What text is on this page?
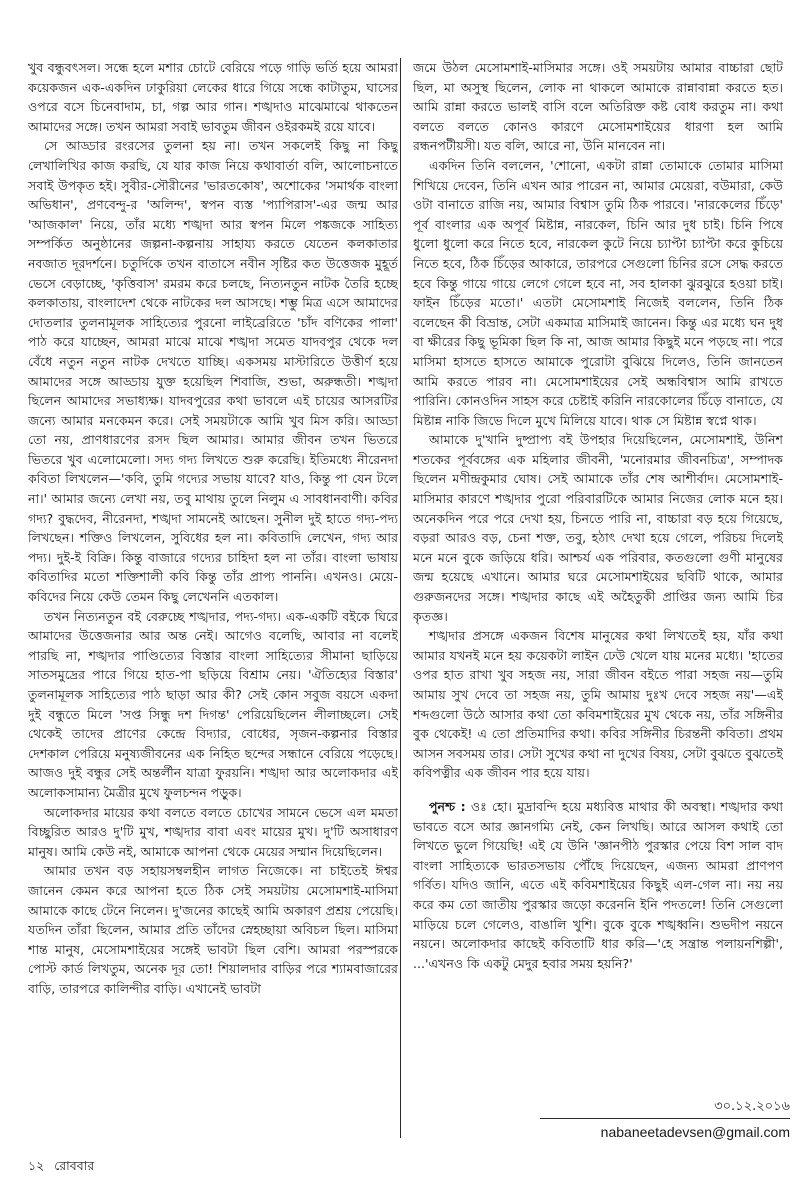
খুব বন্ধুবৎসল। সন্ধে হলে মশার চোটে বেরিয়ে পড়ে গাড়ি ভর্তি হয়ে আমরা কয়েকজন এক-একদিন ঢাকুরিয়া লেকের ধারে গিয়ে সন্ধে কাটাতুম, ঘাসের ওপরে বসে চিনেবাদাম, চা, গল্প আর গান। শঙ্খদাও মাঝেমাঝে থাকতেন আমাদের সঙ্গে। তখন আমরা সবাই ভাবতুম জীবন ওইরকমই রয়ে যাবে।

সে আড্ডার রংরসের তুলনা হয় না। তখন সকলেই কিছু না কিছু লেখালিখির কাজ করছি, যে যার কাজ নিয়ে কথাবার্তা বলি, আলোচনাতে সবাই উপকৃত হই। সুবীর-সৌরীনের 'ভারতকোষ', অশোকের 'সমার্থক বাংলা অভিধান', প্রণবেন্দু-র 'অলিন্দ', স্বপন ব্যস্ত 'প্যাপিরাস'-এর জন্ম আর 'আজকাল' নিয়ে, তাঁর মধ্যে শঙ্খদা আর স্বপন মিলে পঙ্কজকে সাহিত্য সম্পর্কিত অনুষ্ঠানের জল্পনা-কল্পনায় সাহায্য করতে যেতেন কলকাতার নবজাত দূরদর্শনে। চতুর্দিকে তখন বাতাসে নবীন সৃষ্টির কত উত্তেজক মুহূর্ত ভেসে বেড়াচ্ছে, 'কৃত্তিবাস' রমরম করে চলছে, নিত্যনতুন নাটক তৈরি হচ্ছে কলকাতায়, বাংলাদেশ থেকে নাটকের দল আসছে। শম্ভু মিত্র এসে আমাদের দোতলার তুলনামূলক সাহিত্যের পুরনো লাইব্রেরিতে 'চাঁদ বণিকের পালা' পাঠ করে যাচ্ছেন, আমরা মাঝে মাঝে শঙ্খদা সমেত যাদবপুর থেকে দল বেঁধে নতুন নতুন নাটক দেখতে যাচ্ছি। একসময় মাস্টারিতে উত্তীর্ণ হয়ে আমাদের সঙ্গে আড্ডায় যুক্ত হয়েছিল শিবাজি, শুভা, অরুন্ধতী। শঙ্খদা ছিলেন আমাদের সভাধ্যক্ষ। যাদবপুরের কথা ভাবলে এই চায়ের আসরটির জন্যে আমার মনকেমন করে। সেই সময়টাকে আমি খুব মিস করি। আড্ডা তো নয়, প্রাণধারণের রসদ ছিল আমার। আমার জীবন তখন ভিতরে ভিতরে খুব এলোমেলো। সদ্য গদ্য লিখতে শুরু করেছি। ইতিমধ্যে নীরেনদা কবিতা লিখলেন—'কবি, তুমি গদ্যের সভায় যাবে? যাও, কিন্তু পা যেন টলে না।' আমার জন্যে লেখা নয়, তবু মাথায় তুলে নিলুম এ সাবধানবাণী। কবির গদ্য? বুদ্ধদেব, নীরেনদা, শঙ্খদা সামনেই আছেন। সুনীল দুই হাতে গদ্য-পদ্য লিখছেন। শক্তিও লিখলেন, সুবিধের হল না। কবিতাদি লেখেন, গদ্য আর পদ্য। দুই-ই বিক্রি। কিন্তু বাজারে গদ্যের চাহিদা হল না তাঁর। বাংলা ভাষায় কবিতাদির মতো শক্তিশালী কবি কিন্তু তাঁর প্রাপ্য পাননি। এখনও। মেয়ে-কবিদের নিয়ে কেউ তেমন কিছু লেখেননি এতকাল।

তখন নিত্যনতুন বই বেরুচ্ছে শঙ্খদার, পদ্য-গদ্য। এক-একটি বইকে ঘিরে আমাদের উত্তেজনার আর অন্ত নেই। আগেও বলেছি, আবার না বলেই পারছি না, শঙ্খদার পাণ্ডিত্যের বিস্তার বাংলা সাহিত্যের সীমানা ছাড়িয়ে সাতসমুদ্রের পারে গিয়ে হাত-পা ছড়িয়ে বিশ্রাম নেয়। 'ঐতিহ্যের বিস্তার' তুলনামূলক সাহিত্যের পাঠ ছাড়া আর কী? সেই কোন সবুজ বয়সে একদা দুই বন্ধুতে মিলে 'সপ্ত সিন্ধু দশ দিগন্ত' পেরিয়েছিলেন লীলাচ্ছলে। সেই থেকেই তাদের প্রাণের কেন্দ্রে বিদ্যার, বোধের, সৃজন-কল্পনার বিস্তার দেশকাল পেরিয়ে মনুষ্যজীবনের এক নিহিত ছন্দের সন্ধানে বেরিয়ে পড়েছে। আজও দুই বন্ধুর সেই অন্তর্লীন যাত্রা ফুরয়নি। শঙ্খদা আর অলোকদার এই অলোকসামান্য মৈত্রীর মুখে ফুলচন্দন পড়ুক।

অলোকদার মায়ের কথা বলতে বলতে চোখের সামনে ভেসে এল মমতা বিচ্ছুরিত আরও দু'টি মুখ, শঙ্খদার বাবা এবং মায়ের মুখ। দু'টি অসাধারণ মানুষ। আমি কেউ নই, আমাকে আপনা থেকে মেয়ের সম্মান দিয়েছিলেন।

আমার তখন বড় সহায়সম্বলহীন লাগত নিজেকে। না চাইতেই ঈশ্বর জানেন কেমন করে আপনা হতে ঠিক সেই সময়টায় মেসোমশাই-মাসিমা আমাকে কাছে টেনে নিলেন। দু'জনের কাছেই আমি অকারণ প্রশ্রয় পেয়েছি। যতদিন তাঁরা ছিলেন, আমার প্রতি তাঁদের স্নেহচ্ছায়া অবিচল ছিল। মাসিমা শান্ত মানুষ, মেসোমশাইয়ের সঙ্গেই ভাবটা ছিল বেশি। আমরা পরস্পরকে পোস্ট কার্ড লিখতুম, অনেক দূর তো! শিয়ালদার বাড়ির পরে শ্যামবাজারের বাড়ি, তারপরে কালিন্দীর বাড়ি। এখানেই ভাবটা

জমে উঠল মেসোমশাই-মাসিমার সঙ্গে। ওই সময়টায় আমার বাচ্চারা ছোট ছিল, মা অসুস্থ ছিলেন, লোক না থাকলে আমাকে রান্নাবান্না করতে হত। আমি রান্না করতে ভালই বাসি বলে অতিরিক্ত কষ্ট বোধ করতুম না। কথা বলতে বলতে কোনও কারণে মেসোমশাইয়ের ধারণা হল আমি রন্ধনপটীয়সী। যত বলি, আরে না, উনি মানবেন না।

একদিন তিনি বললেন, 'শোনো, একটা রান্না তোমাকে তোমার মাসিমা শিখিয়ে দেবেন, তিনি এখন আর পারেন না, আমার মেয়েরা, বউমারা, কেউ ওটা বানাতে রাজি নয়, আমার বিশ্বাস তুমি ঠিক পারবে। 'নারকেলের চিঁড়ে' পূর্ব বাংলার এক অপূর্ব মিষ্টান্ন, নারকেল, চিনি আর দুধ চাই। চিনি পিষে ধুলো ধুলো করে নিতে হবে, নারকেল কুটে নিয়ে চ্যাপ্টা চ্যাপ্টা করে কুচিয়ে নিতে হবে, ঠিক চিঁড়ের আকারে, তারপরে সেগুলো চিনির রসে সেদ্ধ করতে হবে কিন্তু গায়ে গায়ে লেগে গেলে হবে না, সব হালকা ঝুরঝুরে হওয়া চাই। ফাইন চিঁড়ের মতো।' এতটা মেসোমশাই নিজেই বললেন, তিনি ঠিক বলেছেন কী বিভ্রান্ত, সেটা একমাত্র মাসিমাই জানেন। কিন্তু এর মধ্যে ঘন দুধ বা ক্ষীরের কিছু ভূমিকা ছিল কি না, আজ আমার কিছুই মনে পড়ছে না। পরে মাসিমা হাসতে হাসতে আমাকে পুরোটা বুঝিয়ে দিলেও, তিনি জানতেন আমি করতে পারব না। মেসোমশাইয়ের সেই অন্ধবিশ্বাস আমি রাখতে পারিনি। কোনওদিন সাহস করে চেষ্টাই করিনি নারকোলের চিঁড়ে বানাতে, যে মিষ্টান্ন নাকি জিভে দিলে মুখে মিলিয়ে যাবে। থাক সে মিষ্টান্ন স্বপ্নে থাক।

আমাকে দু'খানি দুষ্প্রাপ্য বই উপহার দিয়েছিলেন, মেসোমশাই, উনিশ শতকের পূর্ববঙ্গের এক মহিলার জীবনী, 'মনোরমার জীবনচিত্র', সম্পাদক ছিলেন মণীন্দ্রকুমার ঘোষ। সেই আমাকে তাঁর শেষ আশীর্বাদ। মেসোমশাই-মাসিমার কারণে শঙ্খদার পুরো পরিবারটিকে আমার নিজের লোক মনে হয়। অনেকদিন পরে পরে দেখা হয়, চিনতে পারি না, বাচ্চারা বড় হয়ে গিয়েছে, বড়রা আরও বড়, চেনা শক্ত, তবু, হঠাৎ দেখা হয়ে গেলে, পরিচয় দিলেই মনে মনে বুকে জড়িয়ে ধরি। আশ্চর্য এক পরিবার, কতগুলো গুণী মানুষের জন্ম হয়েছে এখানে। আমার ঘরে মেসোমশাইয়ের ছবিটি থাকে, আমার গুরুজনদের সঙ্গে। শঙ্খদার কাছে এই অহৈতুকী প্রাপ্তির জন্য আমি চির কৃতজ্ঞ।

শঙ্খদার প্রসঙ্গে একজন বিশেষ মানুষের কথা লিখতেই হয়, যাঁর কথা আমার যখনই মনে হয় কয়েকটা লাইন ঢেউ খেলে যায় মনের মধ্যে। 'হাতের ওপর হাত রাখা খুব সহজ নয়, সারা জীবন বইতে পারা সহজ নয়—তুমি আমায় সুখ দেবে তা সহজ নয়, তুমি আমায় দুঃখ দেবে সহজ নয়'—এই শব্দগুলো উঠে আসার কথা তো কবিমশাইয়ের মুখ থেকে নয়, তাঁর সঙ্গিনীর বুক থেকেই! এ তো প্রতিমাদির কথা। কবির সঙ্গিনীর চিরন্তনী কবিতা। প্রথম আসন সবসময় তার। সেটা সুখের কথা না দুখের বিষয়, সেটা বুঝতে বুঝতেই কবিপত্নীর এক জীবন পার হয়ে যায়।

পুনশ্চ : ওঃ হো। মুদ্রাবন্দি হয়ে মধ্যবিত্ত মাথার কী অবস্থা। শঙ্খদার কথা ভাবতে বসে আর জ্ঞানগম্যি নেই, কেন লিখছি। আরে আসল কথাই তো লিখতে ভুলে গিয়েছি! এই যে উনি 'জ্ঞানপীঠ পুরস্কার পেয়ে বিশ সাল বাদ বাংলা সাহিত্যকে ভারতসভায় পৌঁছে দিয়েছেন, এজন্য আমরা প্রাণপণ গর্বিত। যদিও জানি, এতে এই কবিমশাইয়ের কিছুই এল-গেল না। নয় নয় করে কম তো জাতীয় পুরস্কার জড়ো করেননি ইনি পদতলে! তিনি সেগুলো মাড়িয়ে চলে গেলেও, বাঙালি খুশি। বুকে বুকে শঙ্খধ্বনি। শুভদীপ নয়নে নয়নে। অলোকদার কাছেই কবিতাটি ধার করি—'হে সন্ত্রান্ত পলায়নশিল্পী', ...'এখনও কি একটু মেদুর হবার সময় হয়নি?'

৩০.১২.২০১৬
nabaneetadevsen@gmail.com
১২ রোববার
